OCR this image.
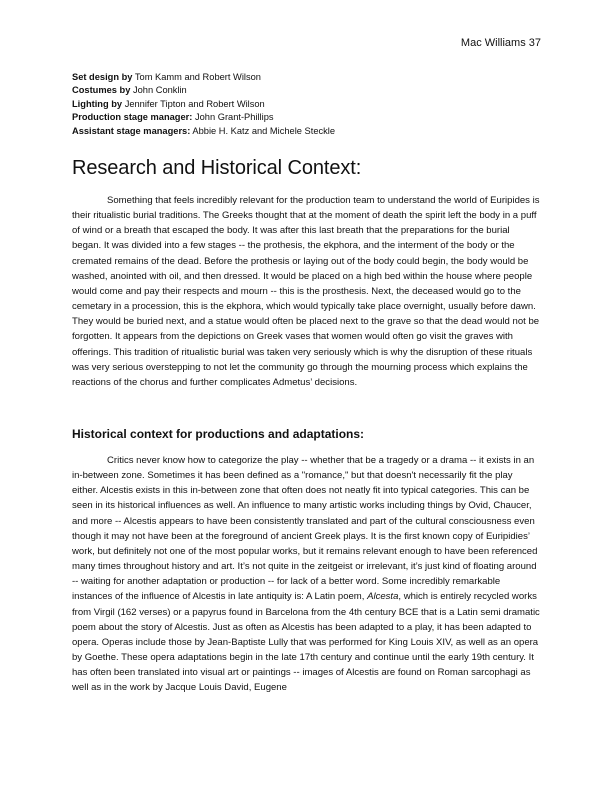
Mac Williams 37
Set design by Tom Kamm and Robert Wilson
Costumes by John Conklin
Lighting by Jennifer Tipton and Robert Wilson
Production stage manager: John Grant-Phillips
Assistant stage managers: Abbie H. Katz and Michele Steckle
Research and Historical Context:

Something that feels incredibly relevant for the production team to understand the world of Euripides is their ritualistic burial traditions. The Greeks thought that at the moment of death the spirit left the body in a puff of wind or a breath that escaped the body. It was after this last breath that the preparations for the burial began. It was divided into a few stages -- the prothesis, the ekphora, and the interment of the body or the cremated remains of the dead. Before the prothesis or laying out of the body could begin, the body would be washed, anointed with oil, and then dressed. It would be placed on a high bed within the house where people would come and pay their respects and mourn -- this is the prosthesis. Next, the deceased would go to the cemetary in a procession, this is the ekphora, which would typically take place overnight, usually before dawn. They would be buried next, and a statue would often be placed next to the grave so that the dead would not be forgotten. It appears from the depictions on Greek vases that women would often go visit the graves with offerings. This tradition of ritualistic burial was taken very seriously which is why the disruption of these rituals was very serious overstepping to not let the community go through the mourning process which explains the reactions of the chorus and further complicates Admetus’ decisions.

Historical context for productions and adaptations:

Critics never know how to categorize the play -- whether that be a tragedy or a drama -- it exists in an in-between zone. Sometimes it has been defined as a "romance," but that doesn't necessarily fit the play either. Alcestis exists in this in-between zone that often does not neatly fit into typical categories. This can be seen in its historical influences as well. An influence to many artistic works including things by Ovid, Chaucer, and more -- Alcestis appears to have been consistently translated and part of the cultural consciousness even though it may not have been at the foreground of ancient Greek plays. It is the first known copy of Euripidies’ work, but definitely not one of the most popular works, but it remains relevant enough to have been referenced many times throughout history and art. It’s not quite in the zeitgeist or irrelevant, it’s just kind of floating around -- waiting for another adaptation or production -- for lack of a better word. Some incredibly remarkable instances of the influence of Alcestis in late antiquity is: A Latin poem, Alcesta, which is entirely recycled works from Virgil (162 verses) or a papyrus found in Barcelona from the 4th century BCE that is a Latin semi dramatic poem about the story of Alcestis. Just as often as Alcestis has been adapted to a play, it has been adapted to opera. Operas include those by Jean-Baptiste Lully that was performed for King Louis XIV, as well as an opera by Goethe. These opera adaptations begin in the late 17th century and continue until the early 19th century. It has often been translated into visual art or paintings -- images of Alcestis are found on Roman sarcophagi as well as in the work by Jacque Louis David, Eugene
